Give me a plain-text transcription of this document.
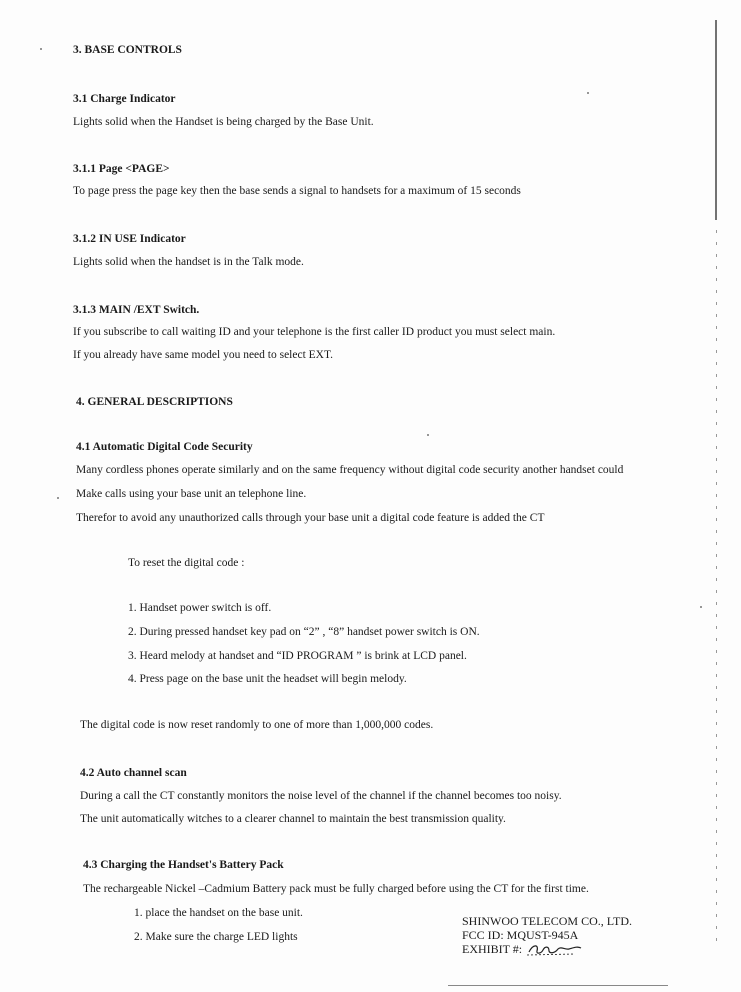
3. BASE CONTROLS
3.1 Charge Indicator
Lights solid when the Handset is being charged by the Base Unit.
3.1.1 Page <PAGE>
To page press the page key then the base sends a signal to handsets for a maximum of 15 seconds
3.1.2 IN USE Indicator
Lights solid when the handset is in the Talk mode.
3.1.3 MAIN /EXT Switch.
If you subscribe to call waiting ID and your telephone is the first caller ID product you must select main.
If you already have same model you need to select EXT.
4. GENERAL DESCRIPTIONS
4.1 Automatic Digital Code Security
Many cordless phones operate similarly and on the same frequency without digital code security another handset could
Make calls using your base unit an telephone line.
Therefor to avoid any unauthorized calls through your base unit a digital code feature is added the CT
To reset the digital code :
1. Handset power switch is off.
2. During pressed handset key pad on “2” , “8” handset power switch is ON.
3. Heard melody at handset and “ID PROGRAM ” is brink at LCD panel.
4. Press page on the base unit the headset will begin melody.
The digital code is now reset randomly to one of more than 1,000,000 codes.
4.2 Auto channel scan
During a call the CT constantly monitors the noise level of the channel if the channel becomes too noisy.
The unit automatically witches to a clearer channel to maintain the best transmission quality.
4.3 Charging the Handset's Battery Pack
The rechargeable Nickel –Cadmium Battery pack must be fully charged before using the CT for the first time.
1. place the handset on the base unit.
2. Make sure the charge LED lights
SHINWOO TELECOM CO., LTD.
FCC ID: MQUST-945A
EXHIBIT #:
